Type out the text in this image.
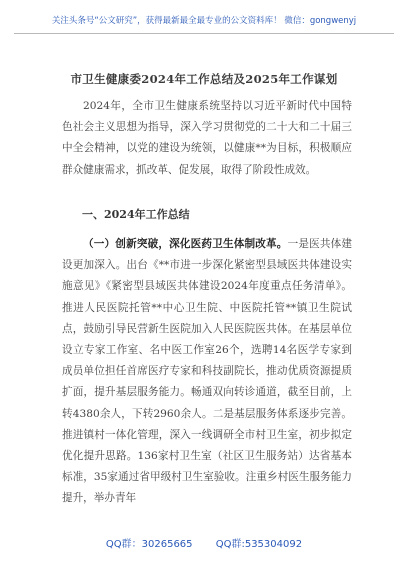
关注头条号“公文研究”，获得最新最全最专业的公文资料库！ 微信：gongwenyj
市卫生健康委2024年工作总结及2025年工作谋划

2024年，全市卫生健康系统坚持以习近平新时代中国特色社会主义思想为指导，深入学习贯彻党的二十大和二十届三中全会精神，以党的建设为统领，以健康**为目标，积极顺应群众健康需求，抓改革、促发展，取得了阶段性成效。

一、2024年工作总结

（一）创新突破，深化医药卫生体制改革。一是医共体建设更加深入。出台《**市进一步深化紧密型县域医共体建设实施意见》《紧密型县域医共体建设2024年度重点任务清单》。推进人民医院托管**中心卫生院、中医院托管**镇卫生院试点，鼓励引导民营新生医院加入人民医院医共体。在基层单位设立专家工作室、名中医工作室26个，选聘14名医学专家到成员单位担任首席医疗专家和科技副院长，推动优质资源提质扩面，提升基层服务能力。畅通双向转诊通道，截至目前，上转4380余人，下转2960余人。二是基层服务体系逐步完善。推进镇村一体化管理，深入一线调研全市村卫生室，初步拟定优化提升思路。136家村卫生室（社区卫生服务站）达省基本标准，35家通过省甲级村卫生室验收。注重乡村医生服务能力提升，举办青年

QQ群：30265665 QQ群:535304092
